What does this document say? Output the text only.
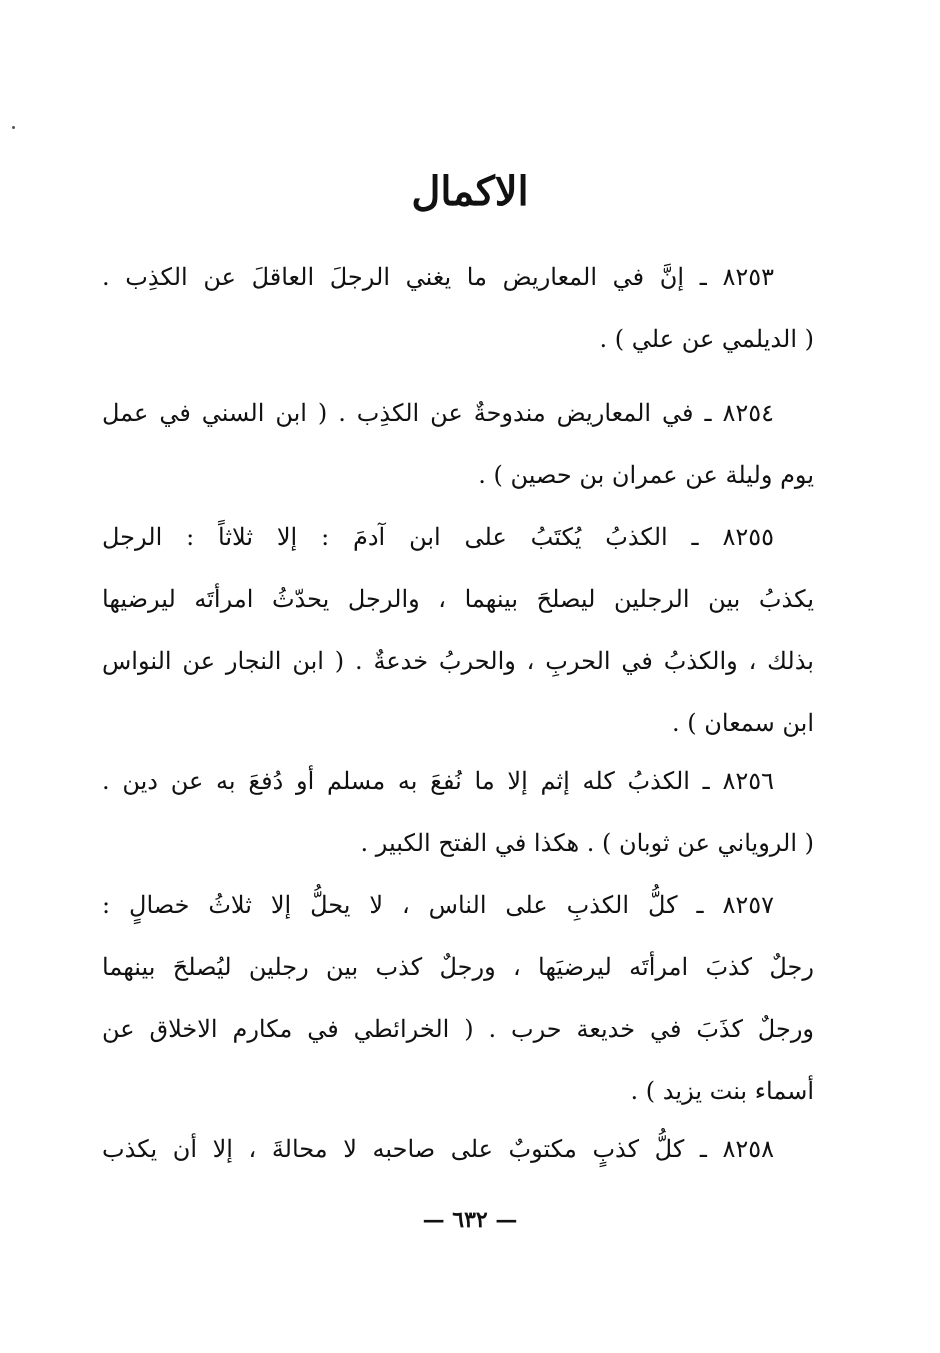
الاكمال
٨٢٥٣ ـ إنَّ في المعاريض ما يغني الرجلَ العاقلَ عن الكذِب .
( الديلمي عن علي ) .
٨٢٥٤ ـ في المعاريض مندوحةٌ عن الكذِب . ( ابن السني في عمل
يوم وليلة عن عمران بن حصين ) .
٨٢٥٥ ـ الكذبُ يُكتَبُ على ابن آدمَ : إلا ثلاثاً : الرجل
يكذبُ بين الرجلين ليصلحَ بينهما ، والرجل يحدّثُ امرأتَه ليرضيها
بذلك ، والكذبُ في الحربِ ، والحربُ خدعةٌ . ( ابن النجار عن النواس
ابن سمعان ) .
٨٢٥٦ ـ الكذبُ كله إثم إلا ما نُفعَ به مسلم أو دُفعَ به عن دين .
( الروياني عن ثوبان ) . هكذا في الفتح الكبير .
٨٢٥٧ ـ كلُّ الكذبِ على الناس ، لا يحلُّ إلا ثلاثُ خصالٍ :
رجلٌ كذبَ امرأتَه ليرضيَها ، ورجلٌ كذب بين رجلين ليُصلحَ بينهما
ورجلٌ كذَبَ في خديعة حرب . ( الخرائطي في مكارم الاخلاق عن
أسماء بنت يزيد ) .
٨٢٥٨ ـ كلُّ كذبٍ مكتوبٌ على صاحبه لا محالةَ ، إلا أن يكذب
— ٦٣٢ —
